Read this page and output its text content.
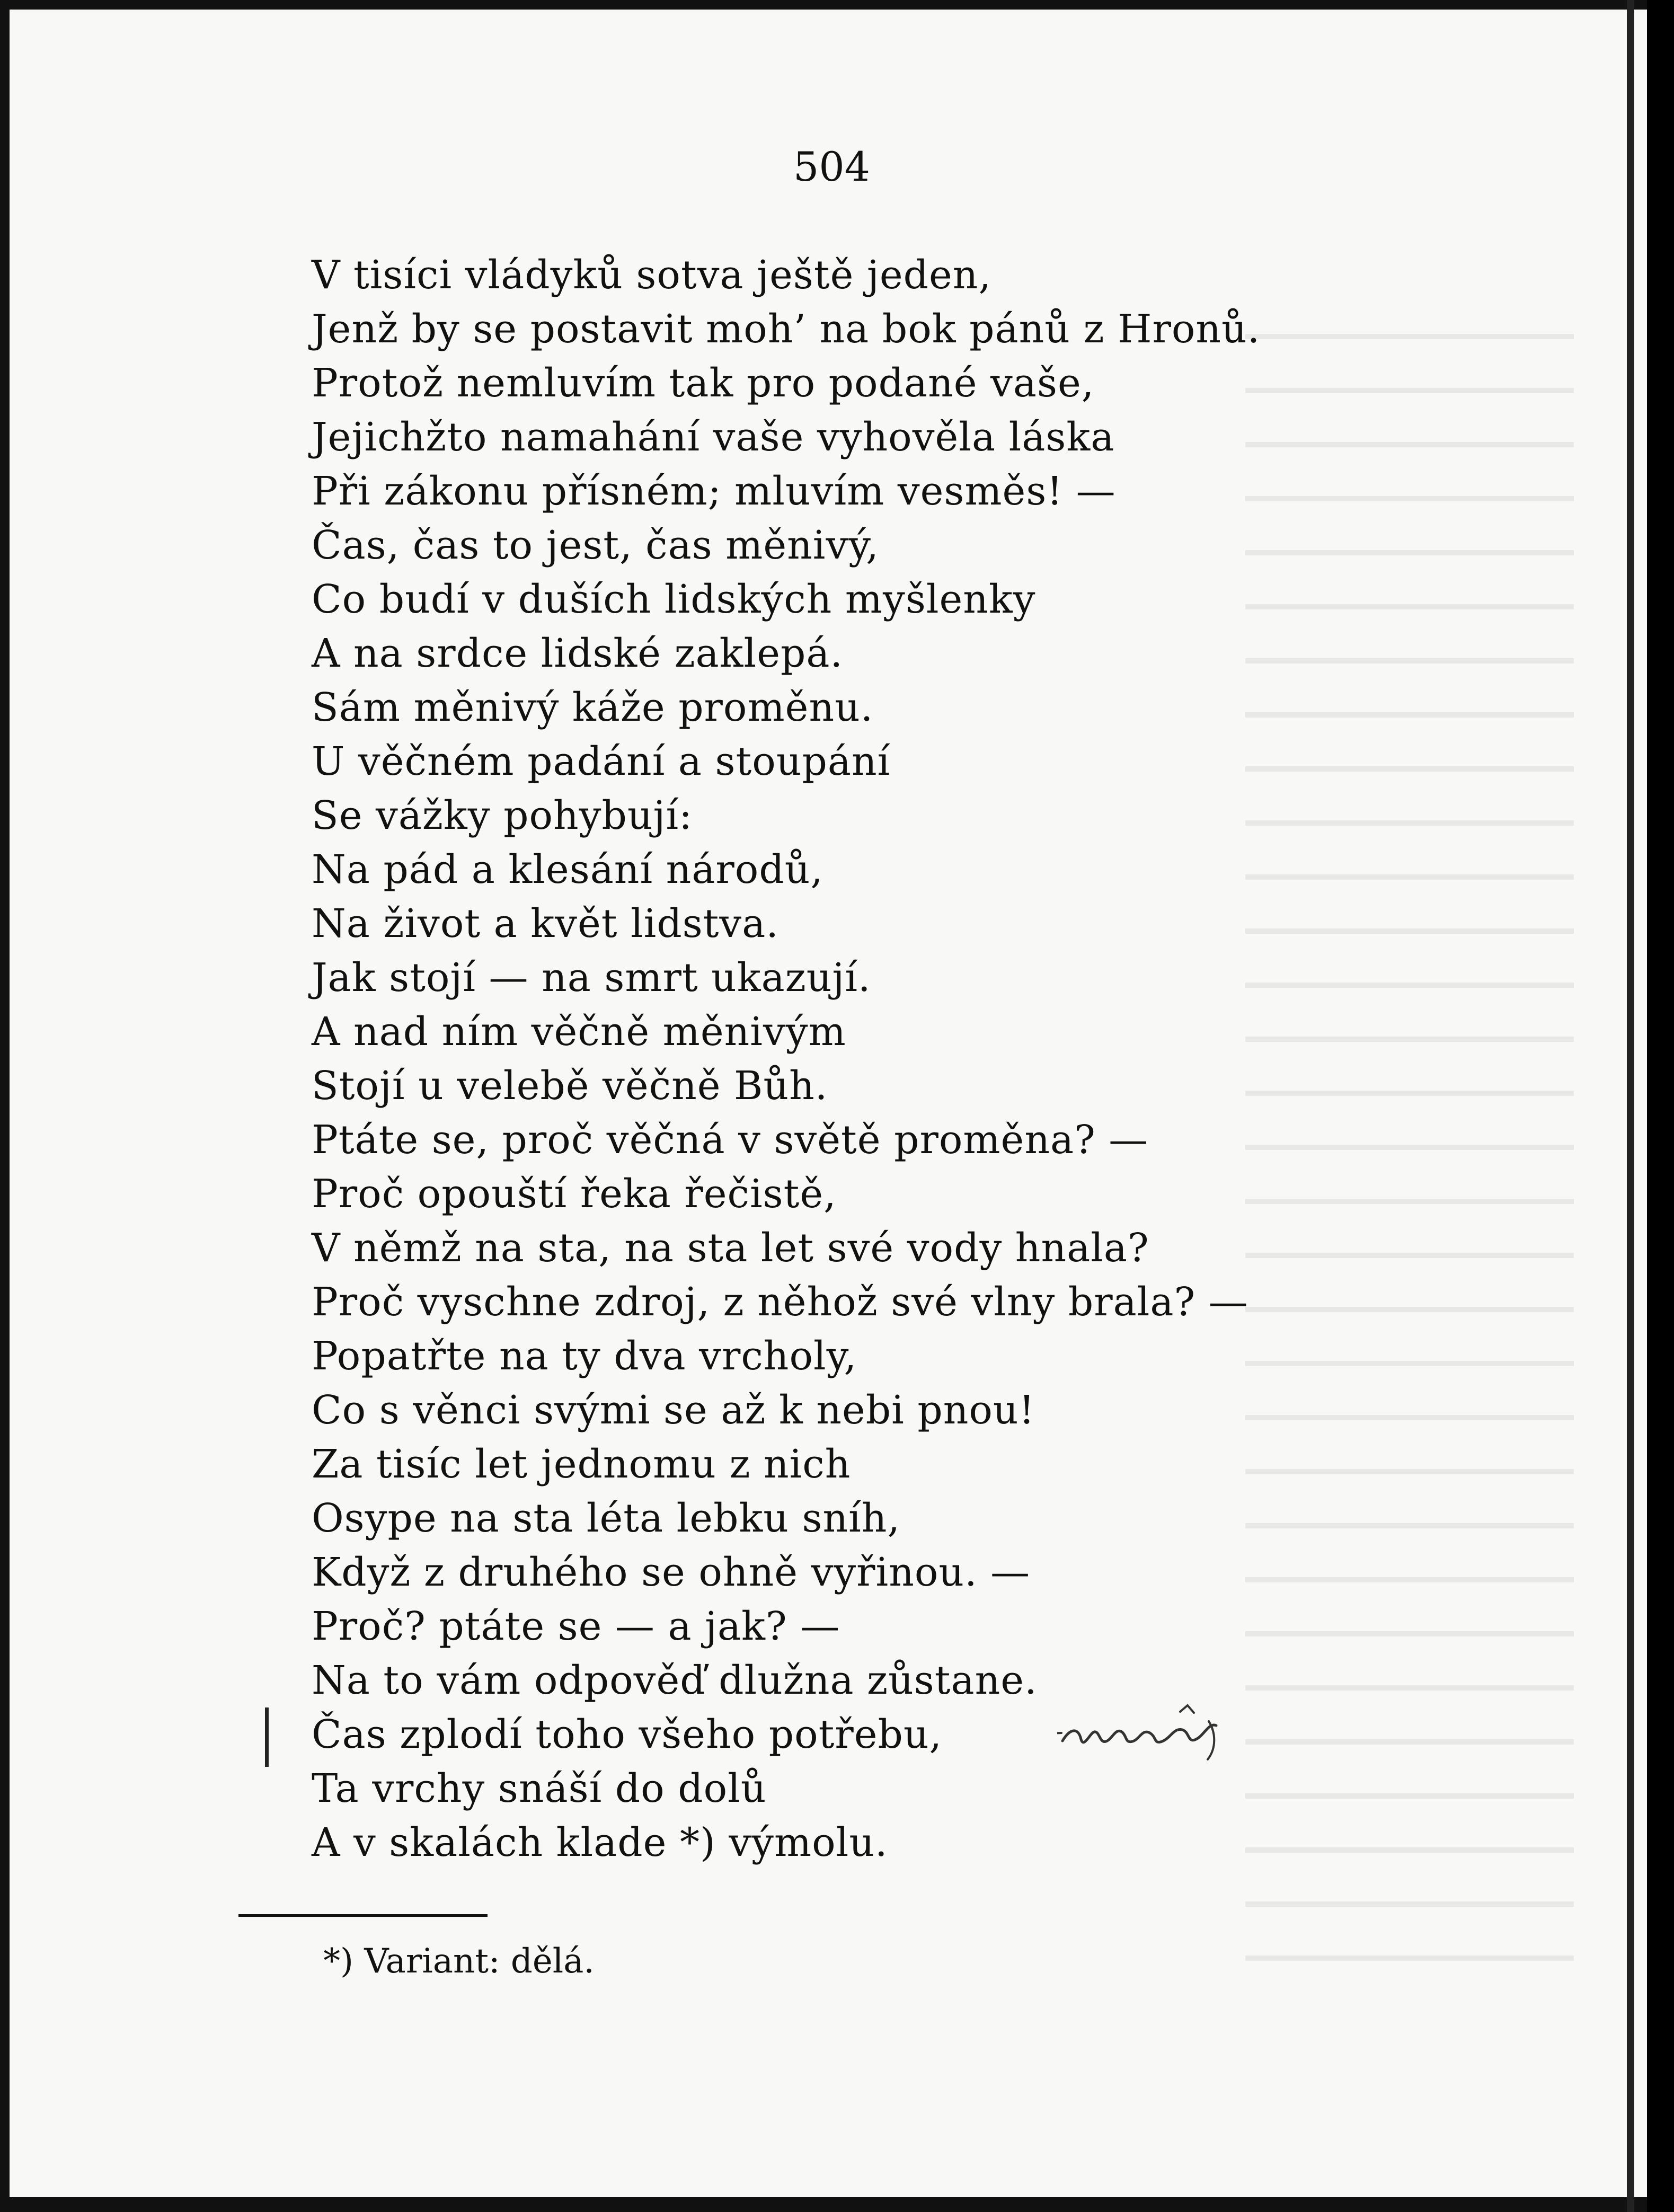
504
V tisíci vládyků sotva ještě jeden,
Jenž by se postavit moh’ na bok pánů z Hronů.
Protož nemluvím tak pro podané vaše,
Jejichžto namahání vaše vyhověla láska
Při zákonu přísném; mluvím vesměs! —
Čas, čas to jest, čas měnivý,
Co budí v duších lidských myšlenky
A na srdce lidské zaklepá.
Sám měnivý káže proměnu.
U věčném padání a stoupání
Se vážky pohybují:
Na pád a klesání národů,
Na život a květ lidstva.
Jak stojí — na smrt ukazují.
A nad ním věčně měnivým
Stojí u velebě věčně Bůh.
Ptáte se, proč věčná v světě proměna? —
Proč opouští řeka řečistě,
V němž na sta, na sta let své vody hnala?
Proč vyschne zdroj, z něhož své vlny brala? —
Popatřte na ty dva vrcholy,
Co s věnci svými se až k nebi pnou!
Za tisíc let jednomu z nich
Osype na sta léta lebku sníh,
Když z druhého se ohně vyřinou. —
Proč? ptáte se — a jak? —
Na to vám odpověď dlužna zůstane.
Čas zplodí toho všeho potřebu,
Ta vrchy snáší do dolů
A v skalách klade *) výmolu.
*) Variant: dělá.
